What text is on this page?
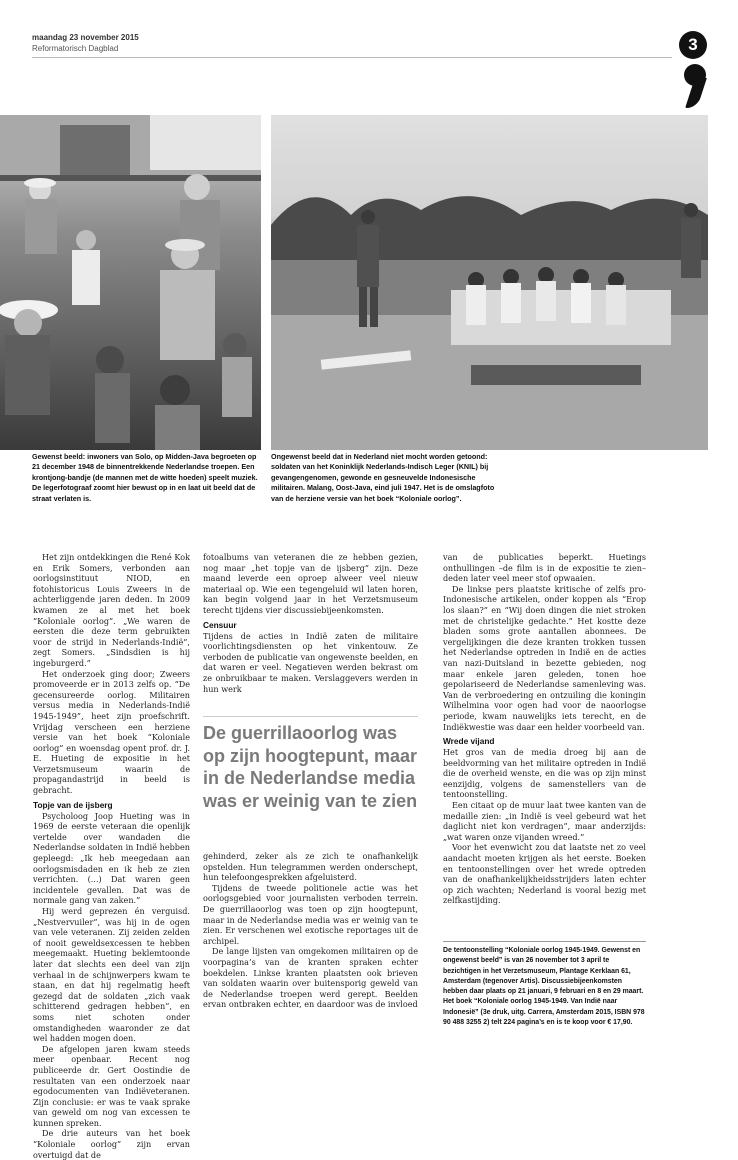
maandag 23 november 2015
Reformatorisch Dagblad	3
Gewenst beeld: inwoners van Solo, op Midden-Java begroeten op 21 december 1948 de binnentrekkende Nederlandse troepen. Een krontjong-bandje (de mannen met de witte hoeden) speelt muziek. De legerfotograaf zoomt hier bewust op in en laat uit beeld dat de straat verlaten is.
Ongewenst beeld dat in Nederland niet mocht worden getoond: soldaten van het Koninklijk Nederlands-Indisch Leger (KNIL) bij gevangengenomen, gewonde en gesneuvelde Indonesische militairen. Malang, Oost-Java, eind juli 1947. Het is de omslagfoto van de herziene versie van het boek “Koloniale oorlog”.

Het zijn ontdekkingen die René Kok en Erik Somers, verbonden aan oorlogsinstituut NIOD, en fotohistoricus Louis Zweers in de achterliggende jaren deden. In 2009 kwamen ze al met het boek “Koloniale oorlog”. „We waren de eersten die deze term gebruikten voor de strijd in Nederlands-Indië”, zegt Somers. „Sindsdien is hij ingeburgerd.”

Het onderzoek ging door; Zweers promoveerde er in 2013 zelfs op. “De gecensureerde oorlog. Militairen versus media in Nederlands-Indië 1945-1949”, heet zijn proefschrift. Vrijdag verscheen een herziene versie van het boek “Koloniale oorlog” en woensdag opent prof. dr. J. E. Hueting de expositie in het Verzetsmuseum waarin de propagandastrijd in beeld is gebracht.

Topje van de ijsberg

Psycholoog Joop Hueting was in 1969 de eerste veteraan die openlijk vertelde over wandaden die Nederlandse soldaten in Indië hebben gepleegd: „Ik heb meegedaan aan oorlogsmisdaden en ik heb ze zien verrichten. (...) Dat waren geen incidentele gevallen. Dat was de normale gang van zaken.”

Hij werd geprezen én verguisd. „Nestvervuiler”, was hij in de ogen van vele veteranen. Zij zeiden zelden of nooit geweldsexcessen te hebben meegemaakt. Hueting beklemtoonde later dat slechts een deel van zijn verhaal in de schijnwerpers kwam te staan, en dat hij regelmatig heeft gezegd dat de soldaten „zich vaak schitterend gedragen hebben”, en soms niet schoten onder omstandigheden waaronder ze dat wel hadden mogen doen.

De afgelopen jaren kwam steeds meer openbaar. Recent nog publiceerde dr. Gert Oostindie de resultaten van een onderzoek naar egodocumenten van Indiëveteranen. Zijn conclusie: er was te vaak sprake van geweld om nog van excessen te kunnen spreken.

De drie auteurs van het boek “Koloniale oorlog” zijn ervan overtuigd dat de

fotoalbums van veteranen die ze hebben gezien, nog maar „het topje van de ijsberg” zijn. Deze maand leverde een oproep alweer veel nieuw materiaal op. Wie een tegengeluid wil laten horen, kan begin volgend jaar in het Verzetsmuseum terecht tijdens vier discussiebijeenkomsten.

Censuur

Tijdens de acties in Indië zaten de militaire voorlichtingsdiensten op het vinkentouw. Ze verboden de publicatie van ongewenste beelden, en dat waren er veel. Negatieven werden bekrast om ze onbruikbaar te maken. Verslaggevers werden in hun werk

De guerrillaoorlog was op zijn hoogtepunt, maar in de Nederlandse media was er weinig van te zien

gehinderd, zeker als ze zich te onafhankelijk opstelden. Hun telegrammen werden onderschept, hun telefoongesprekken afgeluisterd.

Tijdens de tweede politionele actie was het oorlogsgebied voor journalisten verboden terrein. De guerrillaoorlog was toen op zijn hoogtepunt, maar in de Nederlandse media was er weinig van te zien. Er verschenen wel exotische reportages uit de archipel.

De lange lijsten van omgekomen militairen op de voorpagina’s van de kranten spraken echter boekdelen. Linkse kranten plaatsten ook brieven van soldaten waarin over buitensporig geweld van de Nederlandse troepen werd gerept. Beelden ervan ontbraken echter, en daardoor was de invloed

van de publicaties beperkt. Huetings onthullingen –de film is in de expositie te zien– deden later veel meer stof opwaaien.

De linkse pers plaatste kritische of zelfs pro-Indonesische artikelen, onder koppen als “Erop los slaan?” en “Wij doen dingen die niet stroken met de christelijke gedachte.” Het kostte deze bladen soms grote aantallen abonnees. De vergelijkingen die deze kranten trokken tussen het Nederlandse optreden in Indië en de acties van nazi-Duitsland in bezette gebieden, nog maar enkele jaren geleden, tonen hoe gepolariseerd de Nederlandse samenleving was. Van de verbroedering en ontzuiling die koningin Wilhelmina voor ogen had voor de naoorlogse periode, kwam nauwelijks iets terecht, en de Indiëkwestie was daar een helder voorbeeld van.

Wrede vijand

Het gros van de media droeg bij aan de beeldvorming van het militaire optreden in Indië die de overheid wenste, en die was op zijn minst eenzijdig, volgens de samenstellers van de tentoonstelling.

Een citaat op de muur laat twee kanten van de medaille zien: „in Indië is veel gebeurd wat het daglicht niet kon verdragen”, maar anderzijds: „wat waren onze vijanden wreed.”

Voor het evenwicht zou dat laatste net zo veel aandacht moeten krijgen als het eerste. Boeken en tentoonstellingen over het wrede optreden van de onafhankelijkheidsstrijders laten echter op zich wachten; Nederland is vooral bezig met zelfkastijding.

De tentoonstelling “Koloniale oorlog 1945-1949. Gewenst en ongewenst beeld” is van 26 november tot 3 april te bezichtigen in het Verzetsmuseum, Plantage Kerklaan 61, Amsterdam (tegenover Artis). Discussiebijeenkomsten hebben daar plaats op 21 januari, 9 februari en 8 en 29 maart. Het boek “Koloniale oorlog 1945-1949. Van Indië naar Indonesië” (3e druk, uitg. Carrera, Amsterdam 2015, ISBN 978 90 488 3255 2) telt 224 pagina’s en is te koop voor € 17,90.
